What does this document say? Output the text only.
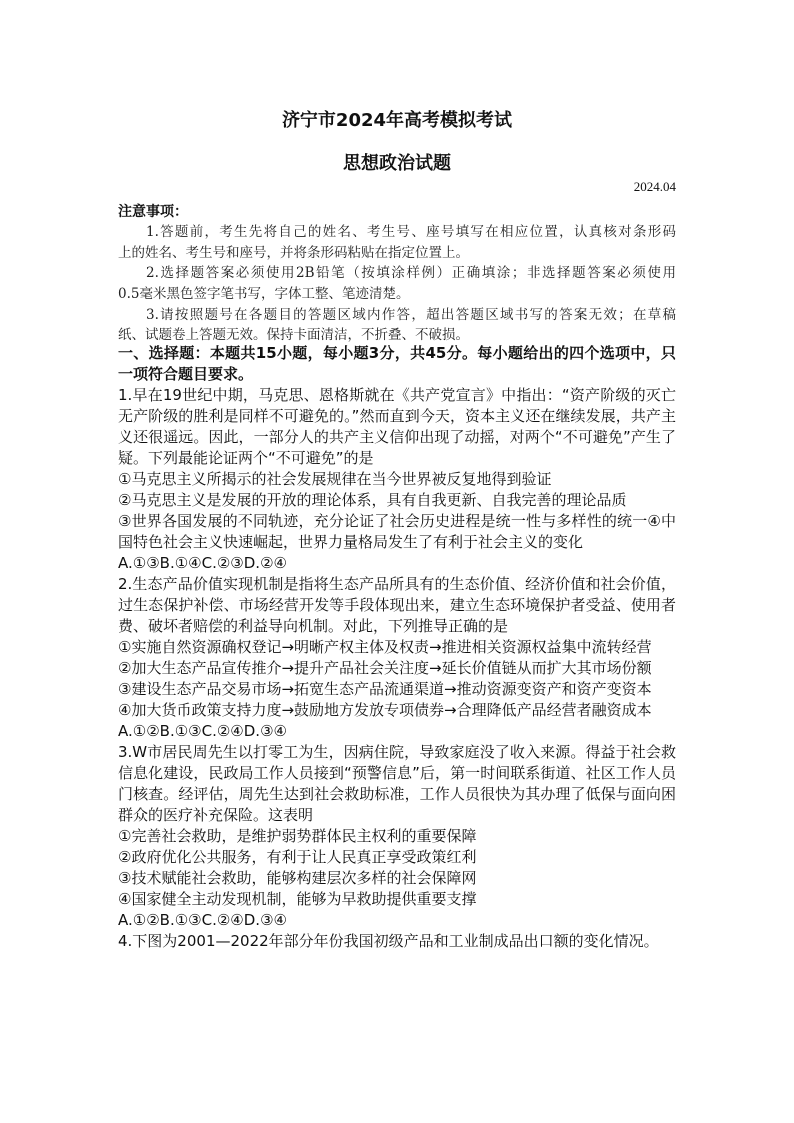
济宁市2024年高考模拟考试
思想政治试题
2024.04
注意事项：
1.答题前，考生先将自己的姓名、考生号、座号填写在相应位置，认真核对条形码
上的姓名、考生号和座号，并将条形码粘贴在指定位置上。
2.选择题答案必须使用2B铅笔（按填涂样例）正确填涂；非选择题答案必须使用
0.5毫米黑色签字笔书写，字体工整、笔迹清楚。
3.请按照题号在各题目的答题区域内作答，超出答题区域书写的答案无效；在草稿
纸、试题卷上答题无效。保持卡面清洁，不折叠、不破损。
一、选择题：本题共15小题，每小题3分，共45分。每小题给出的四个选项中，只
一项符合题目要求。
1.早在19世纪中期，马克思、恩格斯就在《共产党宣言》中指出：“资产阶级的灭亡
无产阶级的胜利是同样不可避免的。”然而直到今天，资本主义还在继续发展，共产主
义还很遥远。因此，一部分人的共产主义信仰出现了动摇，对两个“不可避免”产生了
疑。下列最能论证两个“不可避免”的是
①马克思主义所揭示的社会发展规律在当今世界被反复地得到验证
②马克思主义是发展的开放的理论体系，具有自我更新、自我完善的理论品质
③世界各国发展的不同轨迹，充分论证了社会历史进程是统一性与多样性的统一④中
国特色社会主义快速崛起，世界力量格局发生了有利于社会主义的变化
A.①③B.①④C.②③D.②④
2.生态产品价值实现机制是指将生态产品所具有的生态价值、经济价值和社会价值，
过生态保护补偿、市场经营开发等手段体现出来，建立生态环境保护者受益、使用者
费、破坏者赔偿的利益导向机制。对此，下列推导正确的是
①实施自然资源确权登记→明晰产权主体及权责→推进相关资源权益集中流转经营
②加大生态产品宣传推介→提升产品社会关注度→延长价值链从而扩大其市场份额
③建设生态产品交易市场→拓宽生态产品流通渠道→推动资源变资产和资产变资本
④加大货币政策支持力度→鼓励地方发放专项债券→合理降低产品经营者融资成本
A.①②B.①③C.②④D.③④
3.W市居民周先生以打零工为生，因病住院，导致家庭没了收入来源。得益于社会救
信息化建设，民政局工作人员接到“预警信息”后，第一时间联系街道、社区工作人员
门核查。经评估，周先生达到社会救助标准，工作人员很快为其办理了低保与面向困
群众的医疗补充保险。这表明
①完善社会救助，是维护弱势群体民主权利的重要保障
②政府优化公共服务，有利于让人民真正享受政策红利
③技术赋能社会救助，能够构建层次多样的社会保障网
④国家健全主动发现机制，能够为早救助提供重要支撑
A.①②B.①③C.②④D.③④
4.下图为2001—2022年部分年份我国初级产品和工业制成品出口额的变化情况。
